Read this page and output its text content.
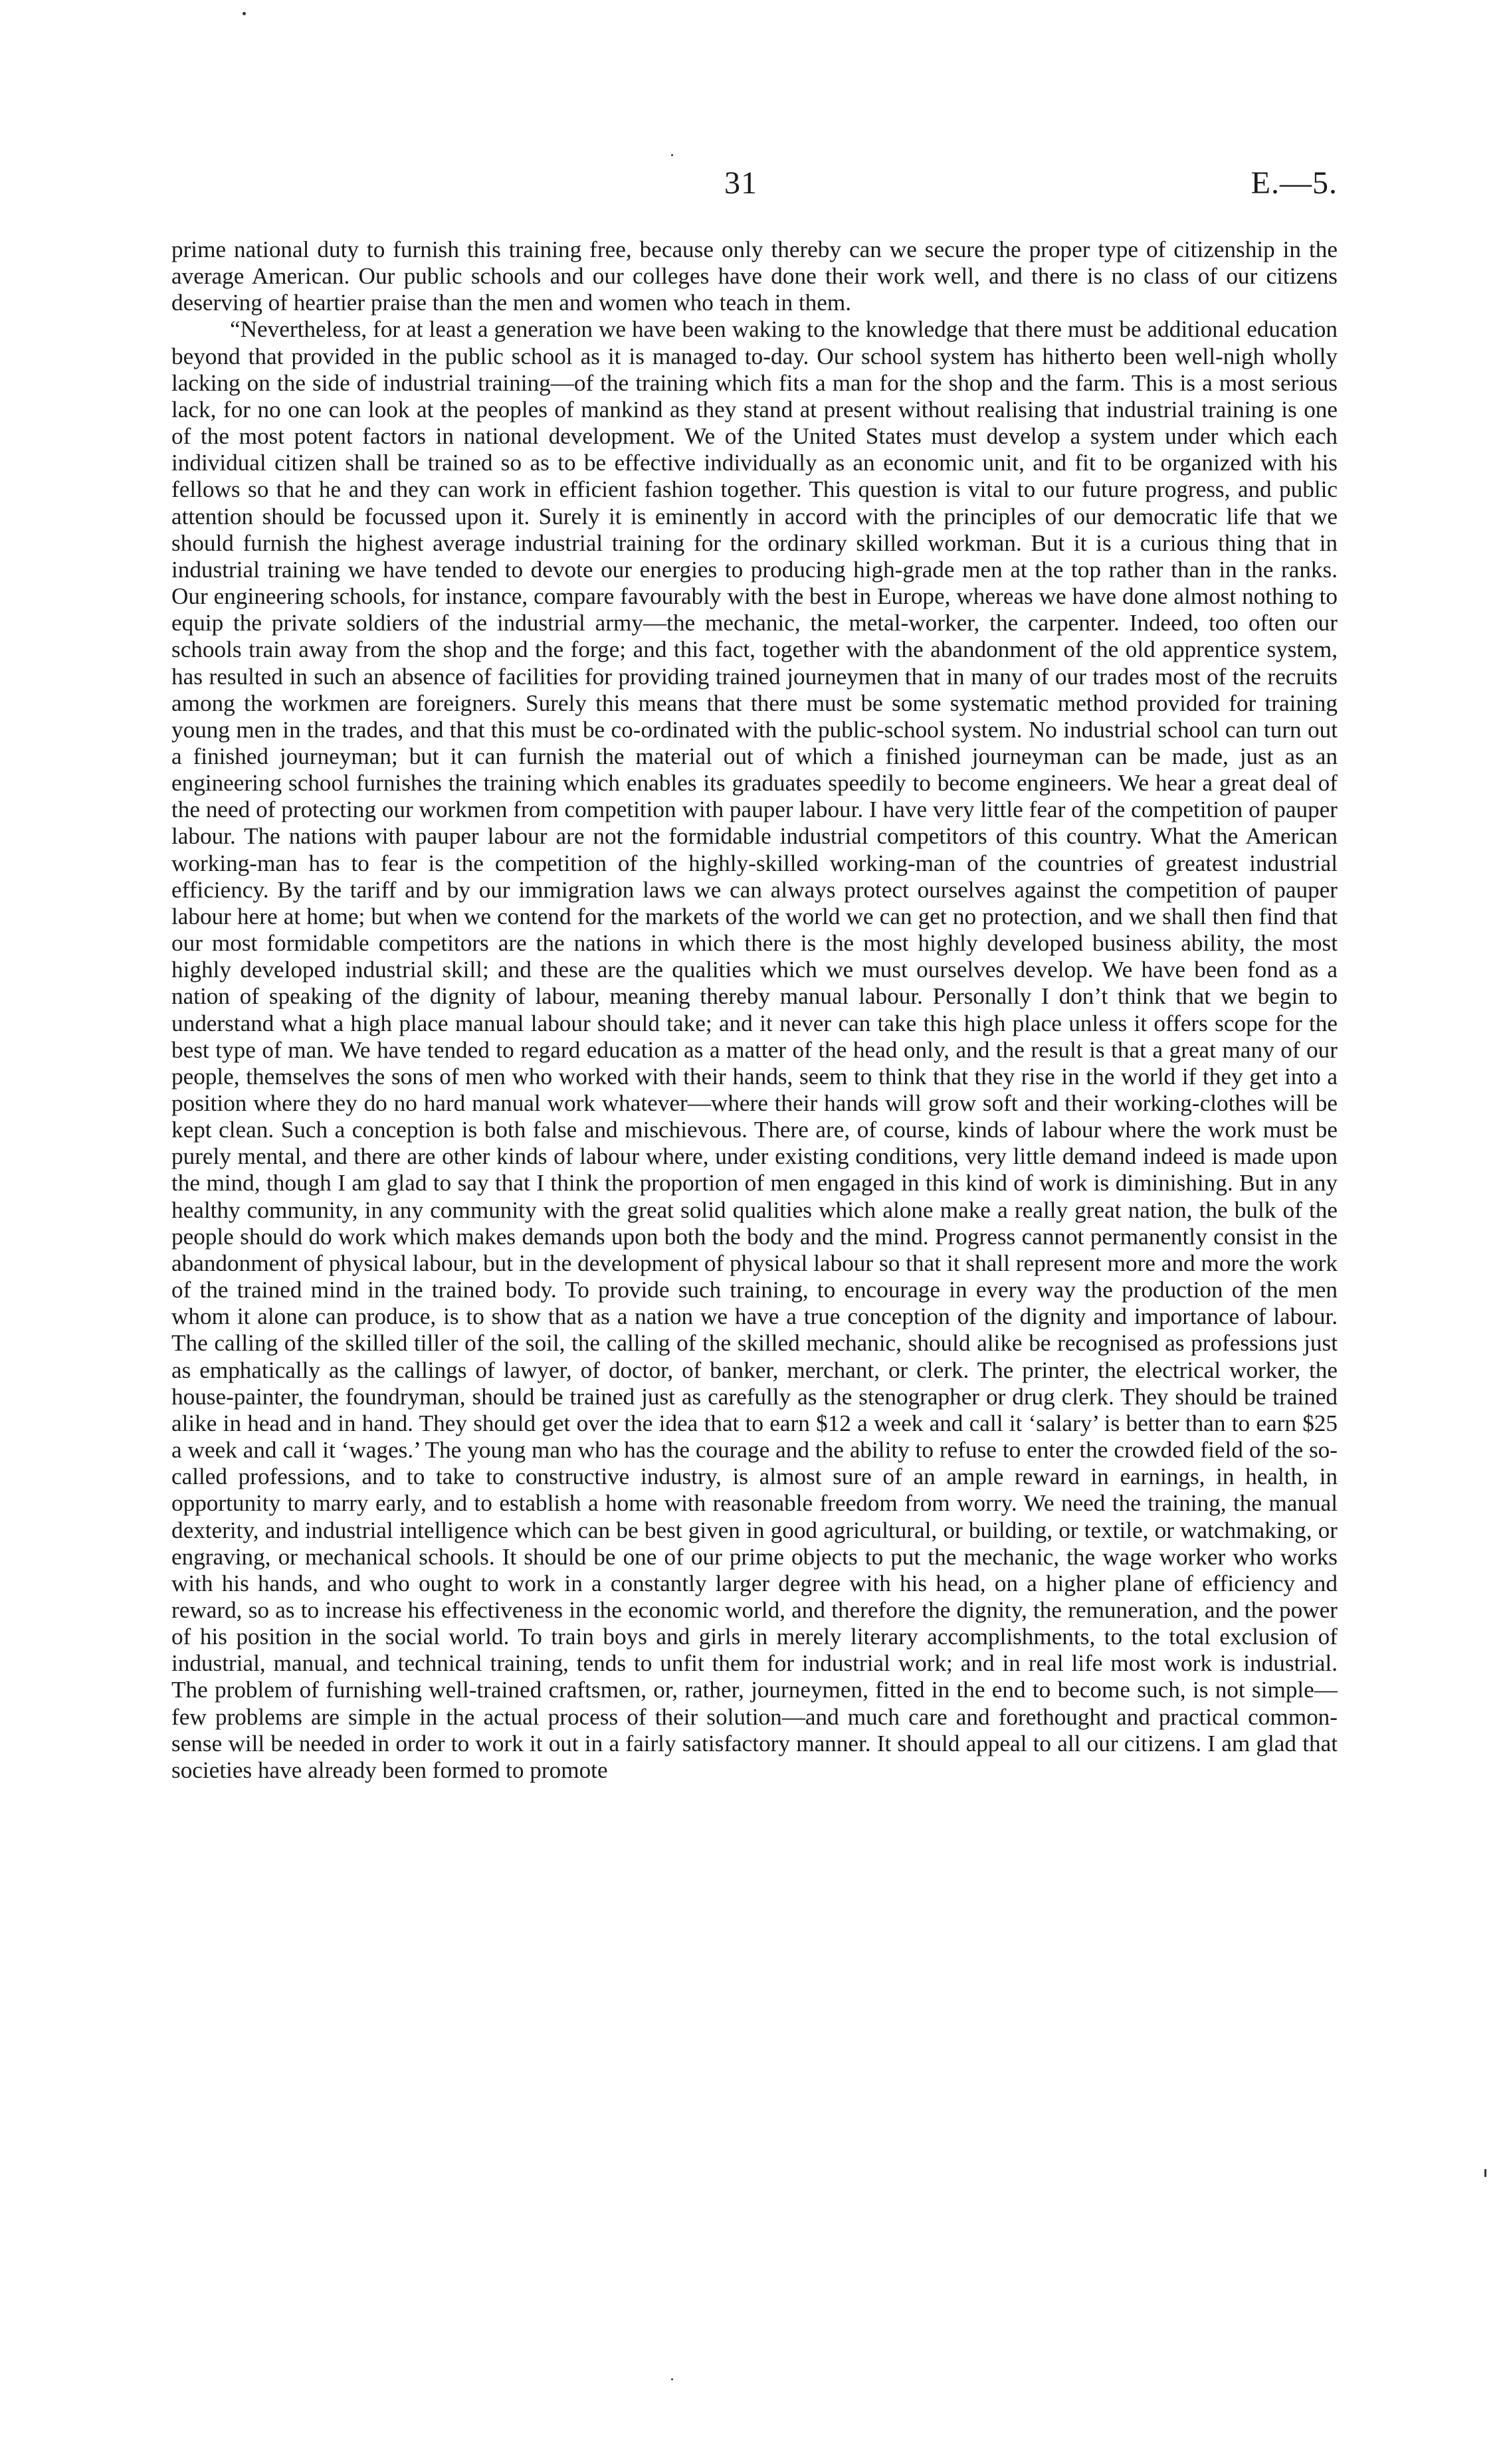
31	E.—5.

prime national duty to furnish this training free, because only thereby can we secure the proper type of citizenship in the average American. Our public schools and our colleges have done their work well, and there is no class of our citizens deserving of heartier praise than the men and women who teach in them.

“Nevertheless, for at least a generation we have been waking to the knowledge that there must be additional education beyond that provided in the public school as it is managed to-day. Our school system has hitherto been well-nigh wholly lacking on the side of industrial training—of the training which fits a man for the shop and the farm. This is a most serious lack, for no one can look at the peoples of mankind as they stand at present without realising that industrial training is one of the most potent factors in national development. We of the United States must develop a system under which each individual citizen shall be trained so as to be effective individually as an economic unit, and fit to be organized with his fellows so that he and they can work in efficient fashion together. This question is vital to our future progress, and public attention should be focussed upon it. Surely it is eminently in accord with the principles of our democratic life that we should furnish the highest average industrial training for the ordinary skilled workman. But it is a curious thing that in industrial training we have tended to devote our energies to producing high-grade men at the top rather than in the ranks. Our engineering schools, for instance, compare favourably with the best in Europe, whereas we have done almost nothing to equip the private soldiers of the industrial army—the mechanic, the metal-worker, the carpenter. Indeed, too often our schools train away from the shop and the forge; and this fact, together with the abandonment of the old apprentice system, has resulted in such an absence of facilities for providing trained journeymen that in many of our trades most of the recruits among the workmen are foreigners. Surely this means that there must be some systematic method provided for training young men in the trades, and that this must be co-ordinated with the public-school system. No industrial school can turn out a finished journeyman; but it can furnish the material out of which a finished journeyman can be made, just as an engineering school furnishes the training which enables its graduates speedily to become engineers. We hear a great deal of the need of protecting our workmen from competition with pauper labour. I have very little fear of the competition of pauper labour. The nations with pauper labour are not the formidable industrial competitors of this country. What the American working-man has to fear is the competition of the highly-skilled working-man of the countries of greatest industrial efficiency. By the tariff and by our immigration laws we can always protect ourselves against the competition of pauper labour here at home; but when we contend for the markets of the world we can get no protection, and we shall then find that our most formidable competitors are the nations in which there is the most highly developed business ability, the most highly developed industrial skill; and these are the qualities which we must ourselves develop. We have been fond as a nation of speaking of the dignity of labour, meaning thereby manual labour. Personally I don’t think that we begin to understand what a high place manual labour should take; and it never can take this high place unless it offers scope for the best type of man. We have tended to regard education as a matter of the head only, and the result is that a great many of our people, themselves the sons of men who worked with their hands, seem to think that they rise in the world if they get into a position where they do no hard manual work whatever—where their hands will grow soft and their working-clothes will be kept clean. Such a conception is both false and mischievous. There are, of course, kinds of labour where the work must be purely mental, and there are other kinds of labour where, under existing conditions, very little demand indeed is made upon the mind, though I am glad to say that I think the proportion of men engaged in this kind of work is diminishing. But in any healthy community, in any community with the great solid qualities which alone make a really great nation, the bulk of the people should do work which makes demands upon both the body and the mind. Progress cannot permanently consist in the abandonment of physical labour, but in the development of physical labour so that it shall represent more and more the work of the trained mind in the trained body. To provide such training, to encourage in every way the production of the men whom it alone can produce, is to show that as a nation we have a true conception of the dignity and importance of labour. The calling of the skilled tiller of the soil, the calling of the skilled mechanic, should alike be recognised as professions just as emphatically as the callings of lawyer, of doctor, of banker, merchant, or clerk. The printer, the electrical worker, the house-painter, the foundryman, should be trained just as carefully as the stenographer or drug clerk. They should be trained alike in head and in hand. They should get over the idea that to earn $12 a week and call it ‘salary’ is better than to earn $25 a week and call it ‘wages.’ The young man who has the courage and the ability to refuse to enter the crowded field of the so-called professions, and to take to constructive industry, is almost sure of an ample reward in earnings, in health, in opportunity to marry early, and to establish a home with reasonable freedom from worry. We need the training, the manual dexterity, and industrial intelligence which can be best given in good agricultural, or building, or textile, or watchmaking, or engraving, or mechanical schools. It should be one of our prime objects to put the mechanic, the wage worker who works with his hands, and who ought to work in a constantly larger degree with his head, on a higher plane of efficiency and reward, so as to increase his effectiveness in the economic world, and therefore the dignity, the remuneration, and the power of his position in the social world. To train boys and girls in merely literary accomplishments, to the total exclusion of industrial, manual, and technical training, tends to unfit them for industrial work; and in real life most work is industrial. The problem of furnishing well-trained craftsmen, or, rather, journeymen, fitted in the end to become such, is not simple—few problems are simple in the actual process of their solution—and much care and forethought and practical common-sense will be needed in order to work it out in a fairly satisfactory manner. It should appeal to all our citizens. I am glad that societies have already been formed to promote
